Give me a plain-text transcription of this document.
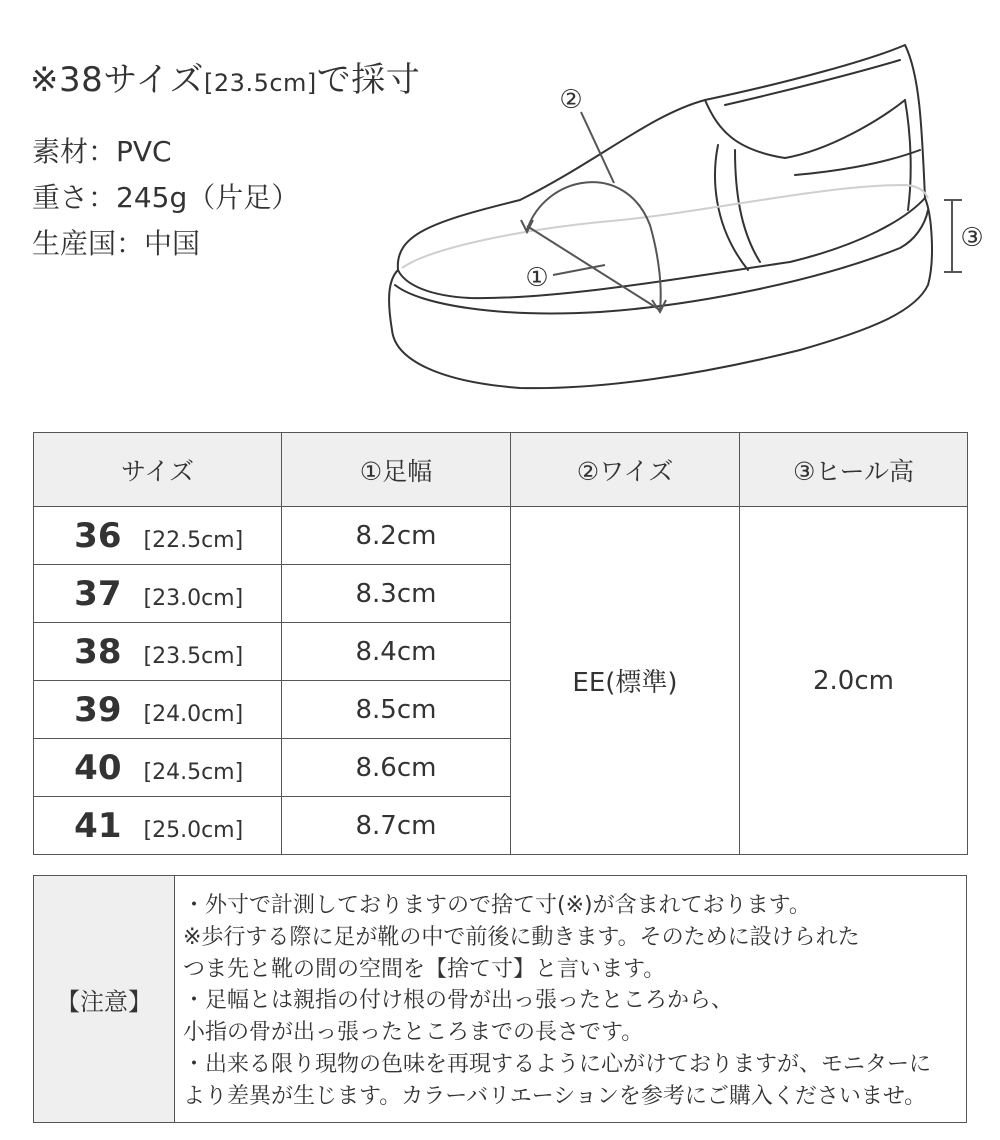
※38サイズ[23.5cm]で採寸
素材：PVC
重さ：245g（片足）
生産国：中国
①
②
③
サイズ	①足幅	②ワイズ	③ヒール高
36 [22.5cm]	8.2cm	EE(標準)	2.0cm
37 [23.0cm]	8.3cm		
38 [23.5cm]	8.4cm		
39 [24.0cm]	8.5cm		
40 [24.5cm]	8.6cm		
41 [25.0cm]	8.7cm		
【注意】
・外寸で計測しておりますので捨て寸(※)が含まれております。
※歩行する際に足が靴の中で前後に動きます。そのために設けられた
つま先と靴の間の空間を【捨て寸】と言います。
・足幅とは親指の付け根の骨が出っ張ったところから、
小指の骨が出っ張ったところまでの長さです。
・出来る限り現物の色味を再現するように心がけておりますが、モニターに
より差異が生じます。カラーバリエーションを参考にご購入くださいませ。
